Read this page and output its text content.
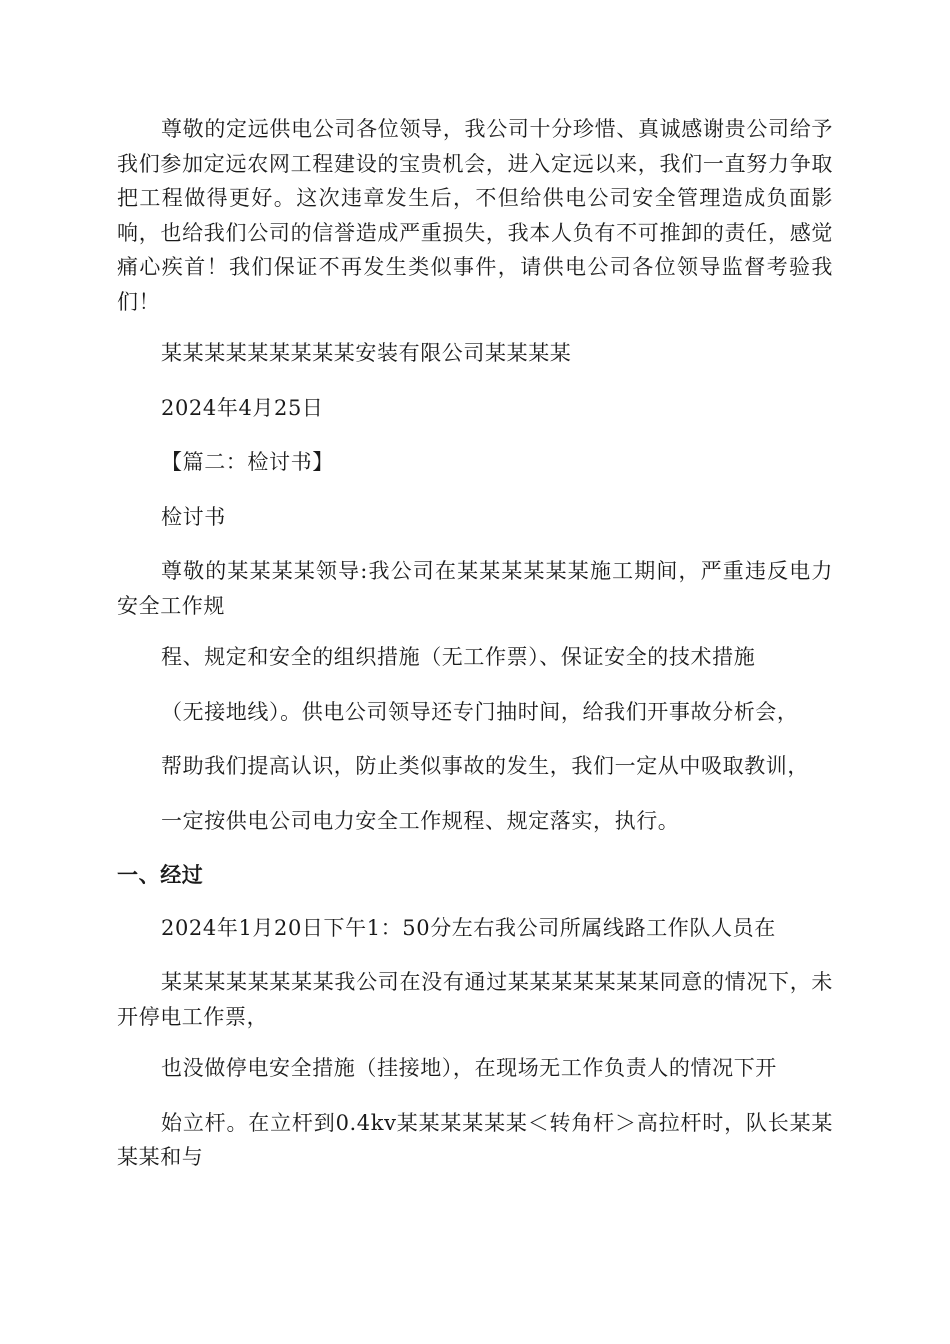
尊敬的定远供电公司各位领导，我公司十分珍惜、真诚感谢贵公司给予我们参加定远农网工程建设的宝贵机会，进入定远以来，我们一直努力争取把工程做得更好。这次违章发生后，不但给供电公司安全管理造成负面影响，也给我们公司的信誉造成严重损失，我本人负有不可推卸的责任，感觉痛心疾首！我们保证不再发生类似事件，请供电公司各位领导监督考验我们！

某某某某某某某某某安装有限公司某某某某

2024年4月25日

【篇二：检讨书】

检讨书

尊敬的某某某某领导:我公司在某某某某某某施工期间，严重违反电力安全工作规

程、规定和安全的组织措施（无工作票）、保证安全的技术措施

（无接地线）。供电公司领导还专门抽时间，给我们开事故分析会，

帮助我们提高认识，防止类似事故的发生，我们一定从中吸取教训，

一定按供电公司电力安全工作规程、规定落实，执行。

一、经过

2024年1月20日下午1：50分左右我公司所属线路工作队人员在

某某某某某某某某我公司在没有通过某某某某某某某同意的情况下，未开停电工作票，

也没做停电安全措施（挂接地），在现场无工作负责人的情况下开

始立杆。在立杆到0.4kv某某某某某某＜转角杆＞高拉杆时，队长某某某某和与
